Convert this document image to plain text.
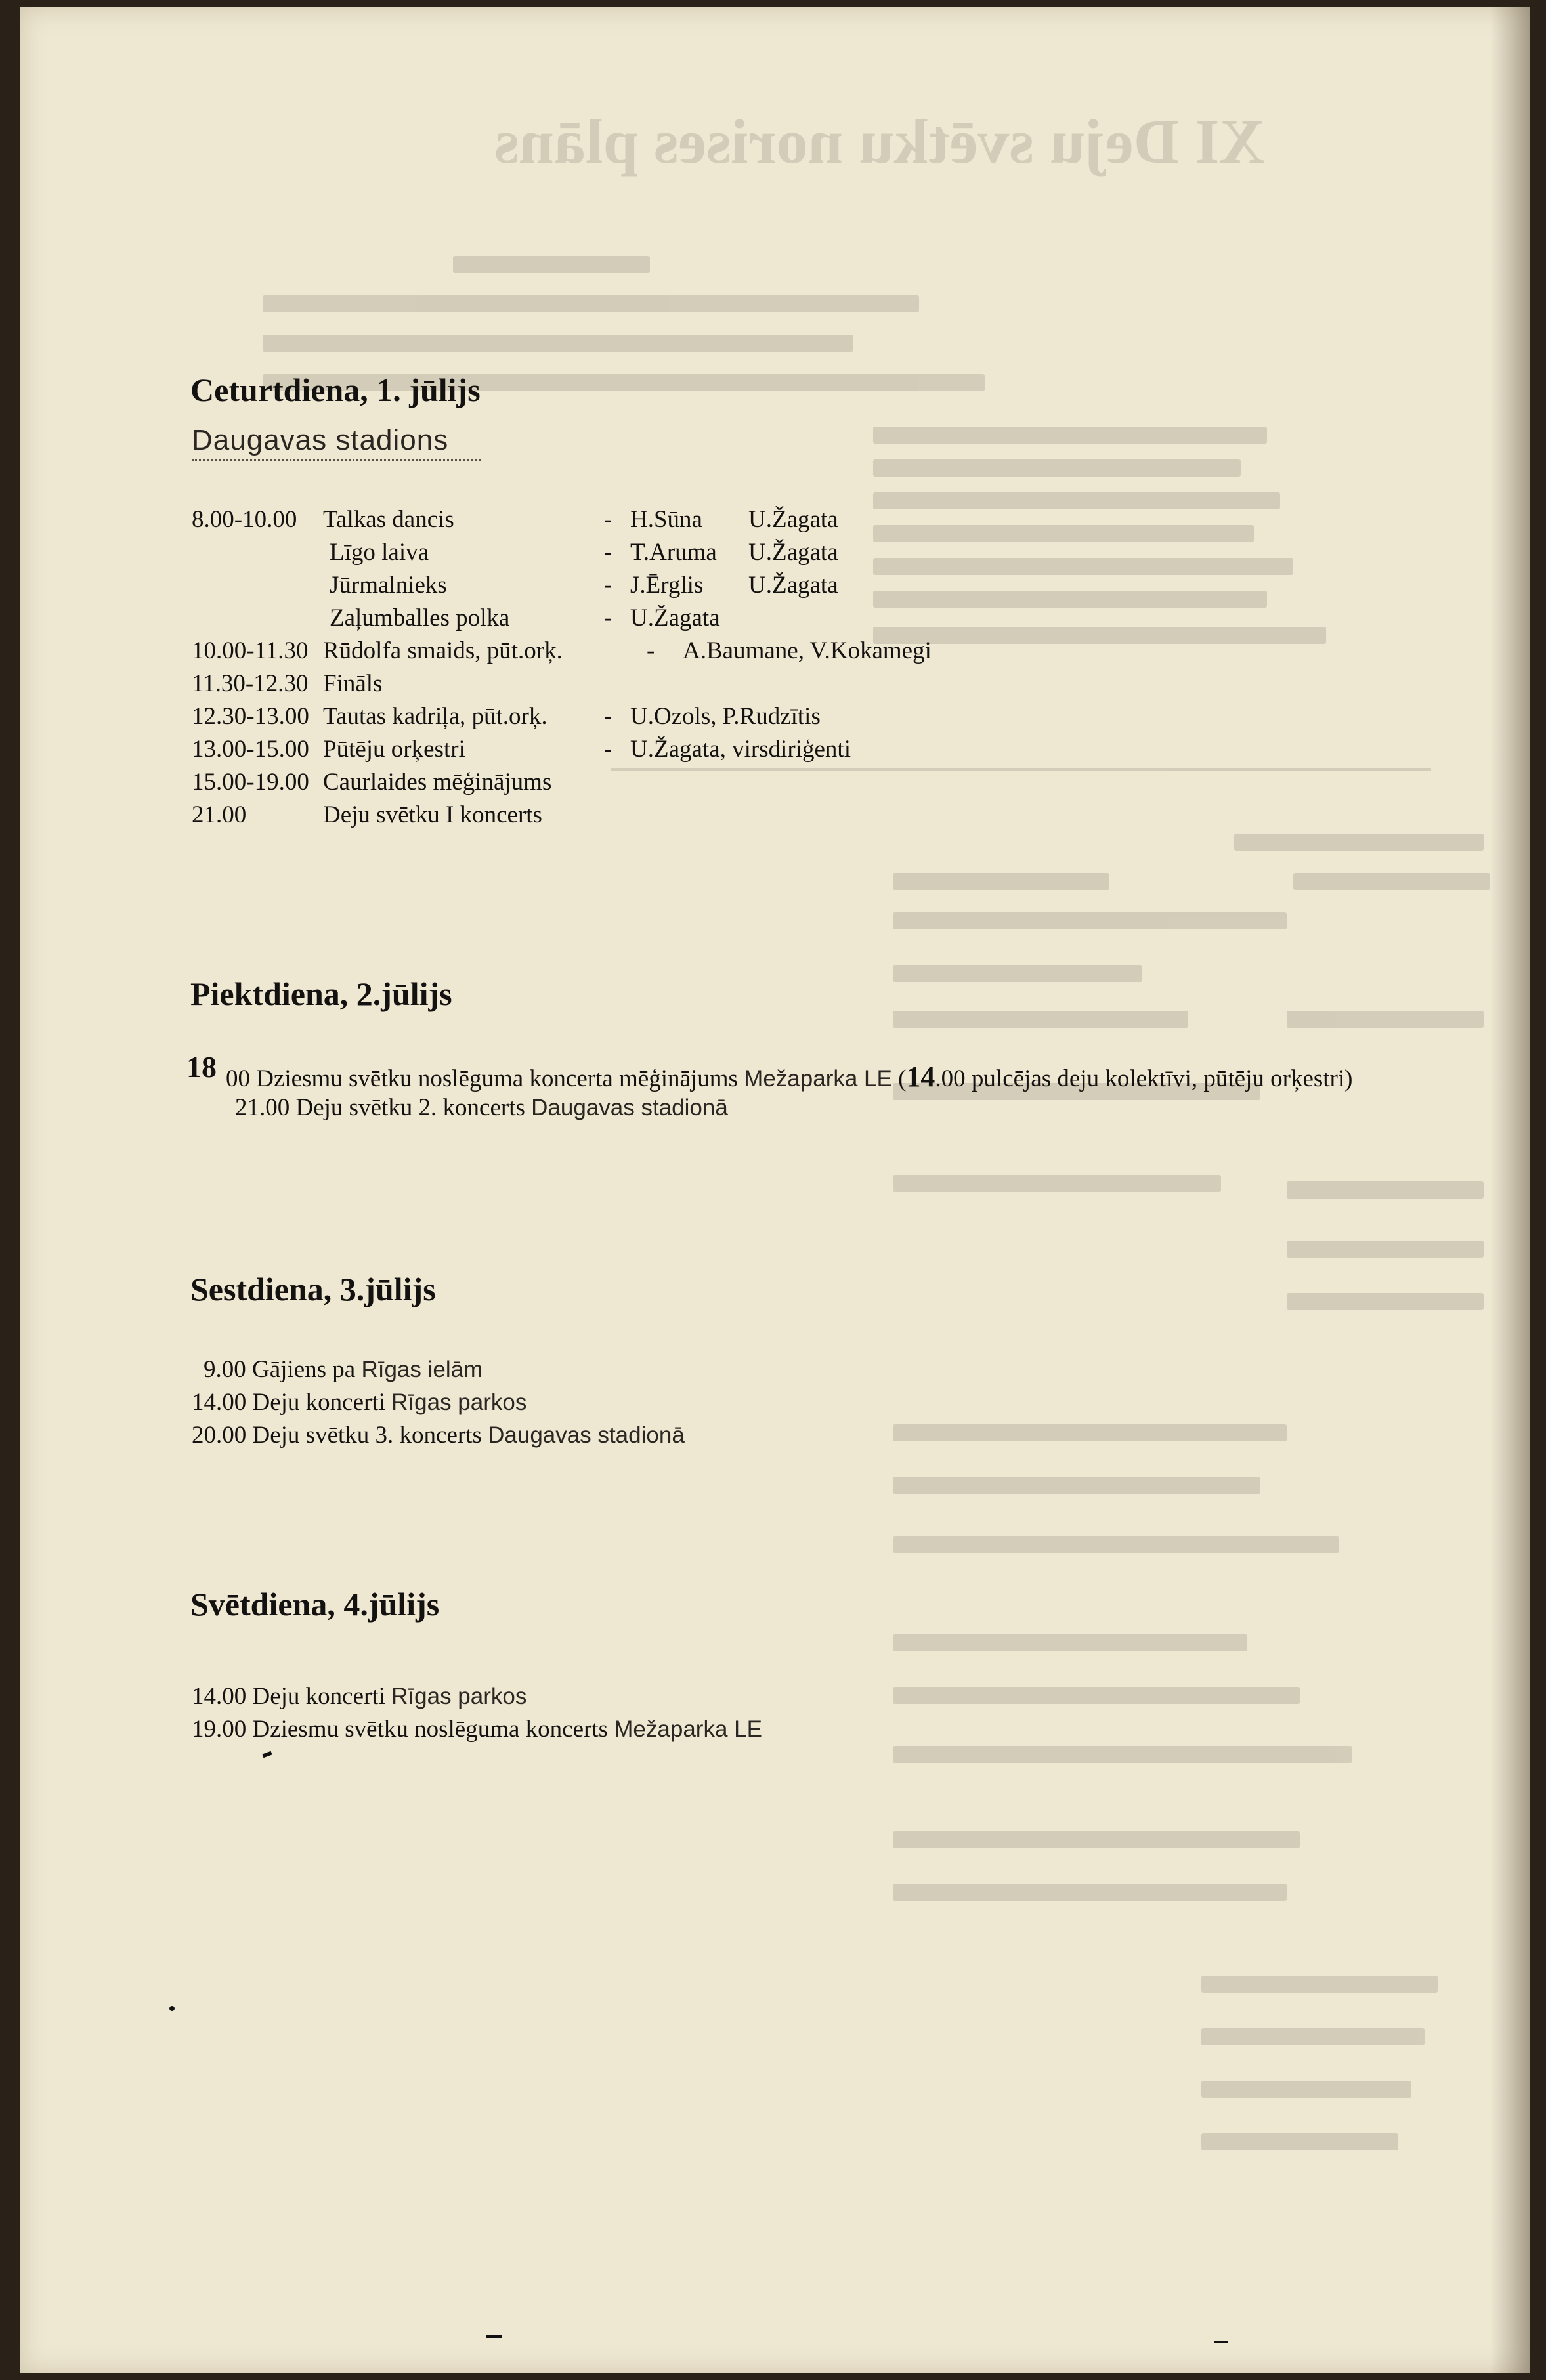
XI Deju svētku norises plāns
Ceturtdiena, 1. jūlijs
Daugavas stadions
8.00-10.00 Talkas dancis	- H.Sūna U.Žagata
Līgo laiva	- T.Aruma U.Žagata
Jūrmalnieks	- J.Ērglis U.Žagata
Zaļumballes polka	- U.Žagata
10.00-11.30 Rūdolfa smaids, pūt.orķ.	- A.Baumane, V.Kokamegi
11.30-12.30 Fināls
12.30-13.00 Tautas kadriļa, pūt.orķ. - U.Ozols, P.Rudzītis
13.00-15.00 Pūtēju orķestri	- U.Žagata, virsdiriģenti
15.00-19.00 Caurlaides mēģinājums
21.00	Deju svētku I koncerts
Piektdiena, 2.jūlijs
18 00 Dziesmu svētku noslēguma koncerta mēģinājums Mežaparka LE (14.00 pulcējas deju kolektīvi, pūtēju orķestri)
21.00 Deju svētku 2. koncerts Daugavas stadionā
Sestdiena, 3.jūlijs
9.00 Gājiens pa Rīgas ielām
14.00 Deju koncerti Rīgas parkos
20.00 Deju svētku 3. koncerts Daugavas stadionā
Svētdiena, 4.jūlijs
14.00 Deju koncerti Rīgas parkos
19.00 Dziesmu svētku noslēguma koncerts Mežaparka LE
